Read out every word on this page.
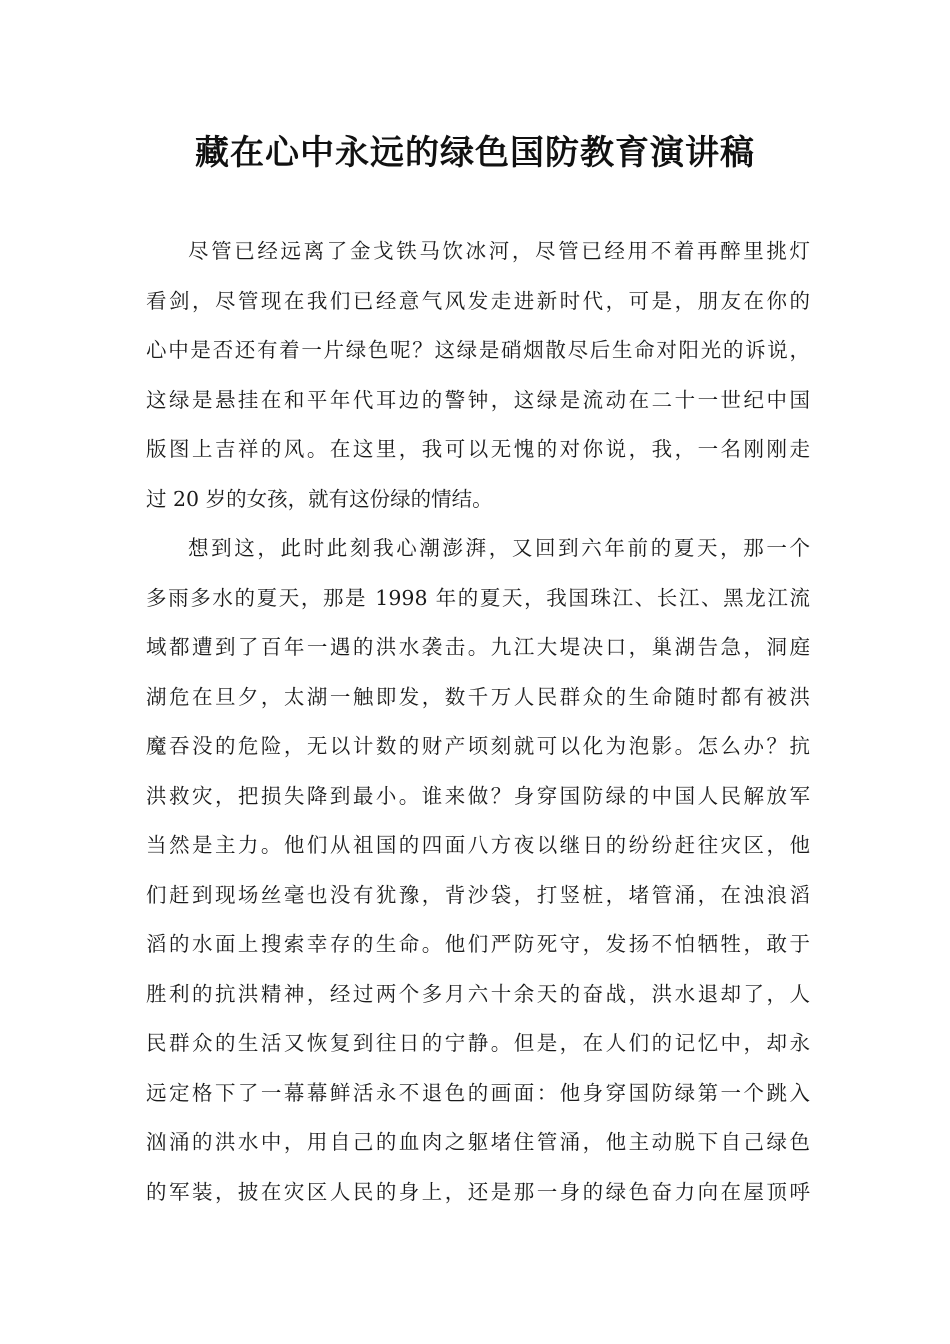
藏在心中永远的绿色国防教育演讲稿
尽管已经远离了金戈铁马饮冰河，尽管已经用不着再醉里挑灯
看剑，尽管现在我们已经意气风发走进新时代，可是，朋友在你的
心中是否还有着一片绿色呢？这绿是硝烟散尽后生命对阳光的诉说，
这绿是悬挂在和平年代耳边的警钟，这绿是流动在二十一世纪中国
版图上吉祥的风。在这里，我可以无愧的对你说，我，一名刚刚走
过 20 岁的女孩，就有这份绿的情结。
想到这，此时此刻我心潮澎湃，又回到六年前的夏天，那一个
多雨多水的夏天，那是 1998 年的夏天，我国珠江、长江、黑龙江流
域都遭到了百年一遇的洪水袭击。九江大堤决口，巢湖告急，洞庭
湖危在旦夕，太湖一触即发，数千万人民群众的生命随时都有被洪
魔吞没的危险，无以计数的财产顷刻就可以化为泡影。怎么办？抗
洪救灾，把损失降到最小。谁来做？身穿国防绿的中国人民解放军
当然是主力。他们从祖国的四面八方夜以继日的纷纷赶往灾区，他
们赶到现场丝毫也没有犹豫，背沙袋，打竖桩，堵管涌，在浊浪滔
滔的水面上搜索幸存的生命。他们严防死守，发扬不怕牺牲，敢于
胜利的抗洪精神，经过两个多月六十余天的奋战，洪水退却了，人
民群众的生活又恢复到往日的宁静。但是，在人们的记忆中，却永
远定格下了一幕幕鲜活永不退色的画面：他身穿国防绿第一个跳入
汹涌的洪水中，用自己的血肉之躯堵住管涌，他主动脱下自己绿色
的军装，披在灾区人民的身上，还是那一身的绿色奋力向在屋顶呼
